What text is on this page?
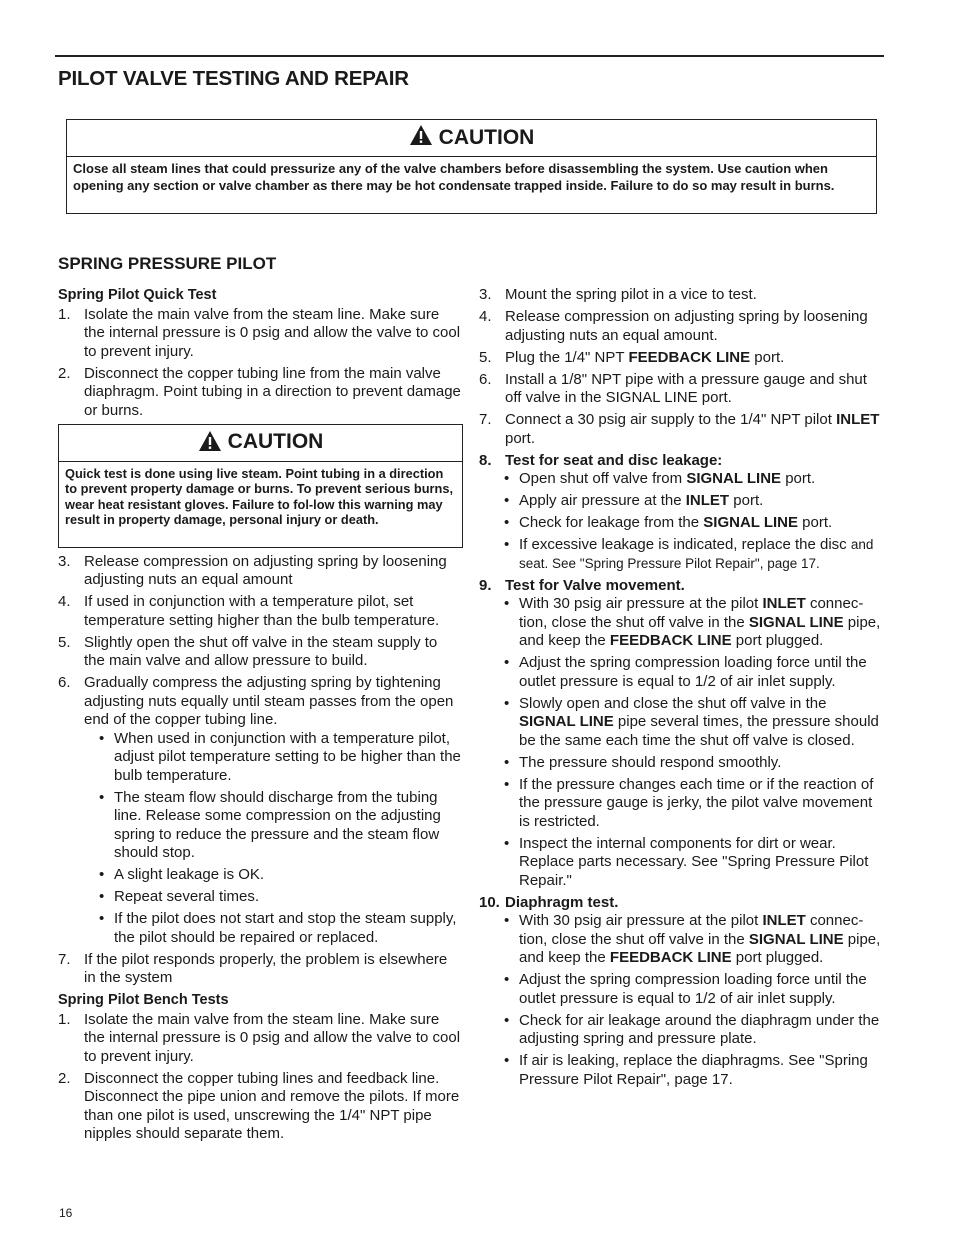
PILOT VALVE TESTING AND REPAIR
CAUTION
Close all steam lines that could pressurize any of the valve chambers before disassembling the system. Use caution when opening any section or valve chamber as there may be hot condensate trapped inside. Failure to do so may result in burns.
SPRING PRESSURE PILOT

Spring Pilot Quick Test

1. Isolate the main valve from the steam line. Make sure the internal pressure is 0 psig and allow the valve to cool to prevent injury.
2. Disconnect the copper tubing line from the main valve diaphragm. Point tubing in a direction to prevent damage or burns.
CAUTION
Quick test is done using live steam. Point tubing in a direction to prevent property damage or burns. To prevent serious burns, wear heat resistant gloves. Failure to fol-low this warning may result in property damage, personal injury or death.
3. Release compression on adjusting spring by loosening adjusting nuts an equal amount
4. If used in conjunction with a temperature pilot, set temperature setting higher than the bulb temperature.
5. Slightly open the shut off valve in the steam supply to the main valve and allow pressure to build.
6. Gradually compress the adjusting spring by tightening adjusting nuts equally until steam passes from the open end of the copper tubing line.
• When used in conjunction with a temperature pilot, adjust pilot temperature setting to be higher than the bulb temperature.
• The steam flow should discharge from the tubing line. Release some compression on the adjusting spring to reduce the pressure and the steam flow should stop.
• A slight leakage is OK.
• Repeat several times.
• If the pilot does not start and stop the steam supply, the pilot should be repaired or replaced.
7. If the pilot responds properly, the problem is elsewhere in the system

Spring Pilot Bench Tests

1. Isolate the main valve from the steam line. Make sure the internal pressure is 0 psig and allow the valve to cool to prevent injury.
2. Disconnect the copper tubing lines and feedback line. Disconnect the pipe union and remove the pilots. If more than one pilot is used, unscrewing the 1/4" NPT pipe nipples should separate them.
3. Mount the spring pilot in a vice to test.
4. Release compression on adjusting spring by loosening adjusting nuts an equal amount.
5. Plug the 1/4" NPT FEEDBACK LINE port.
6. Install a 1/8" NPT pipe with a pressure gauge and shut off valve in the SIGNAL LINE port.
7. Connect a 30 psig air supply to the 1/4" NPT pilot INLET port.
8. Test for seat and disc leakage:
• Open shut off valve from SIGNAL LINE port.
• Apply air pressure at the INLET port.
• Check for leakage from the SIGNAL LINE port.
• If excessive leakage is indicated, replace the disc and seat. See "Spring Pressure Pilot Repair", page 17.
9. Test for Valve movement.
• With 30 psig air pressure at the pilot INLET connec-tion, close the shut off valve in the SIGNAL LINE pipe, and keep the FEEDBACK LINE port plugged.
• Adjust the spring compression loading force until the outlet pressure is equal to 1/2 of air inlet supply.
• Slowly open and close the shut off valve in the SIGNAL LINE pipe several times, the pressure should be the same each time the shut off valve is closed.
• The pressure should respond smoothly.
• If the pressure changes each time or if the reaction of the pressure gauge is jerky, the pilot valve movement is restricted.
• Inspect the internal components for dirt or wear. Replace parts necessary. See "Spring Pressure Pilot Repair."
10. Diaphragm test.
• With 30 psig air pressure at the pilot INLET connec-tion, close the shut off valve in the SIGNAL LINE pipe, and keep the FEEDBACK LINE port plugged.
• Adjust the spring compression loading force until the outlet pressure is equal to 1/2 of air inlet supply.
• Check for air leakage around the diaphragm under the adjusting spring and pressure plate.
• If air is leaking, replace the diaphragms. See "Spring Pressure Pilot Repair", page 17.
16
